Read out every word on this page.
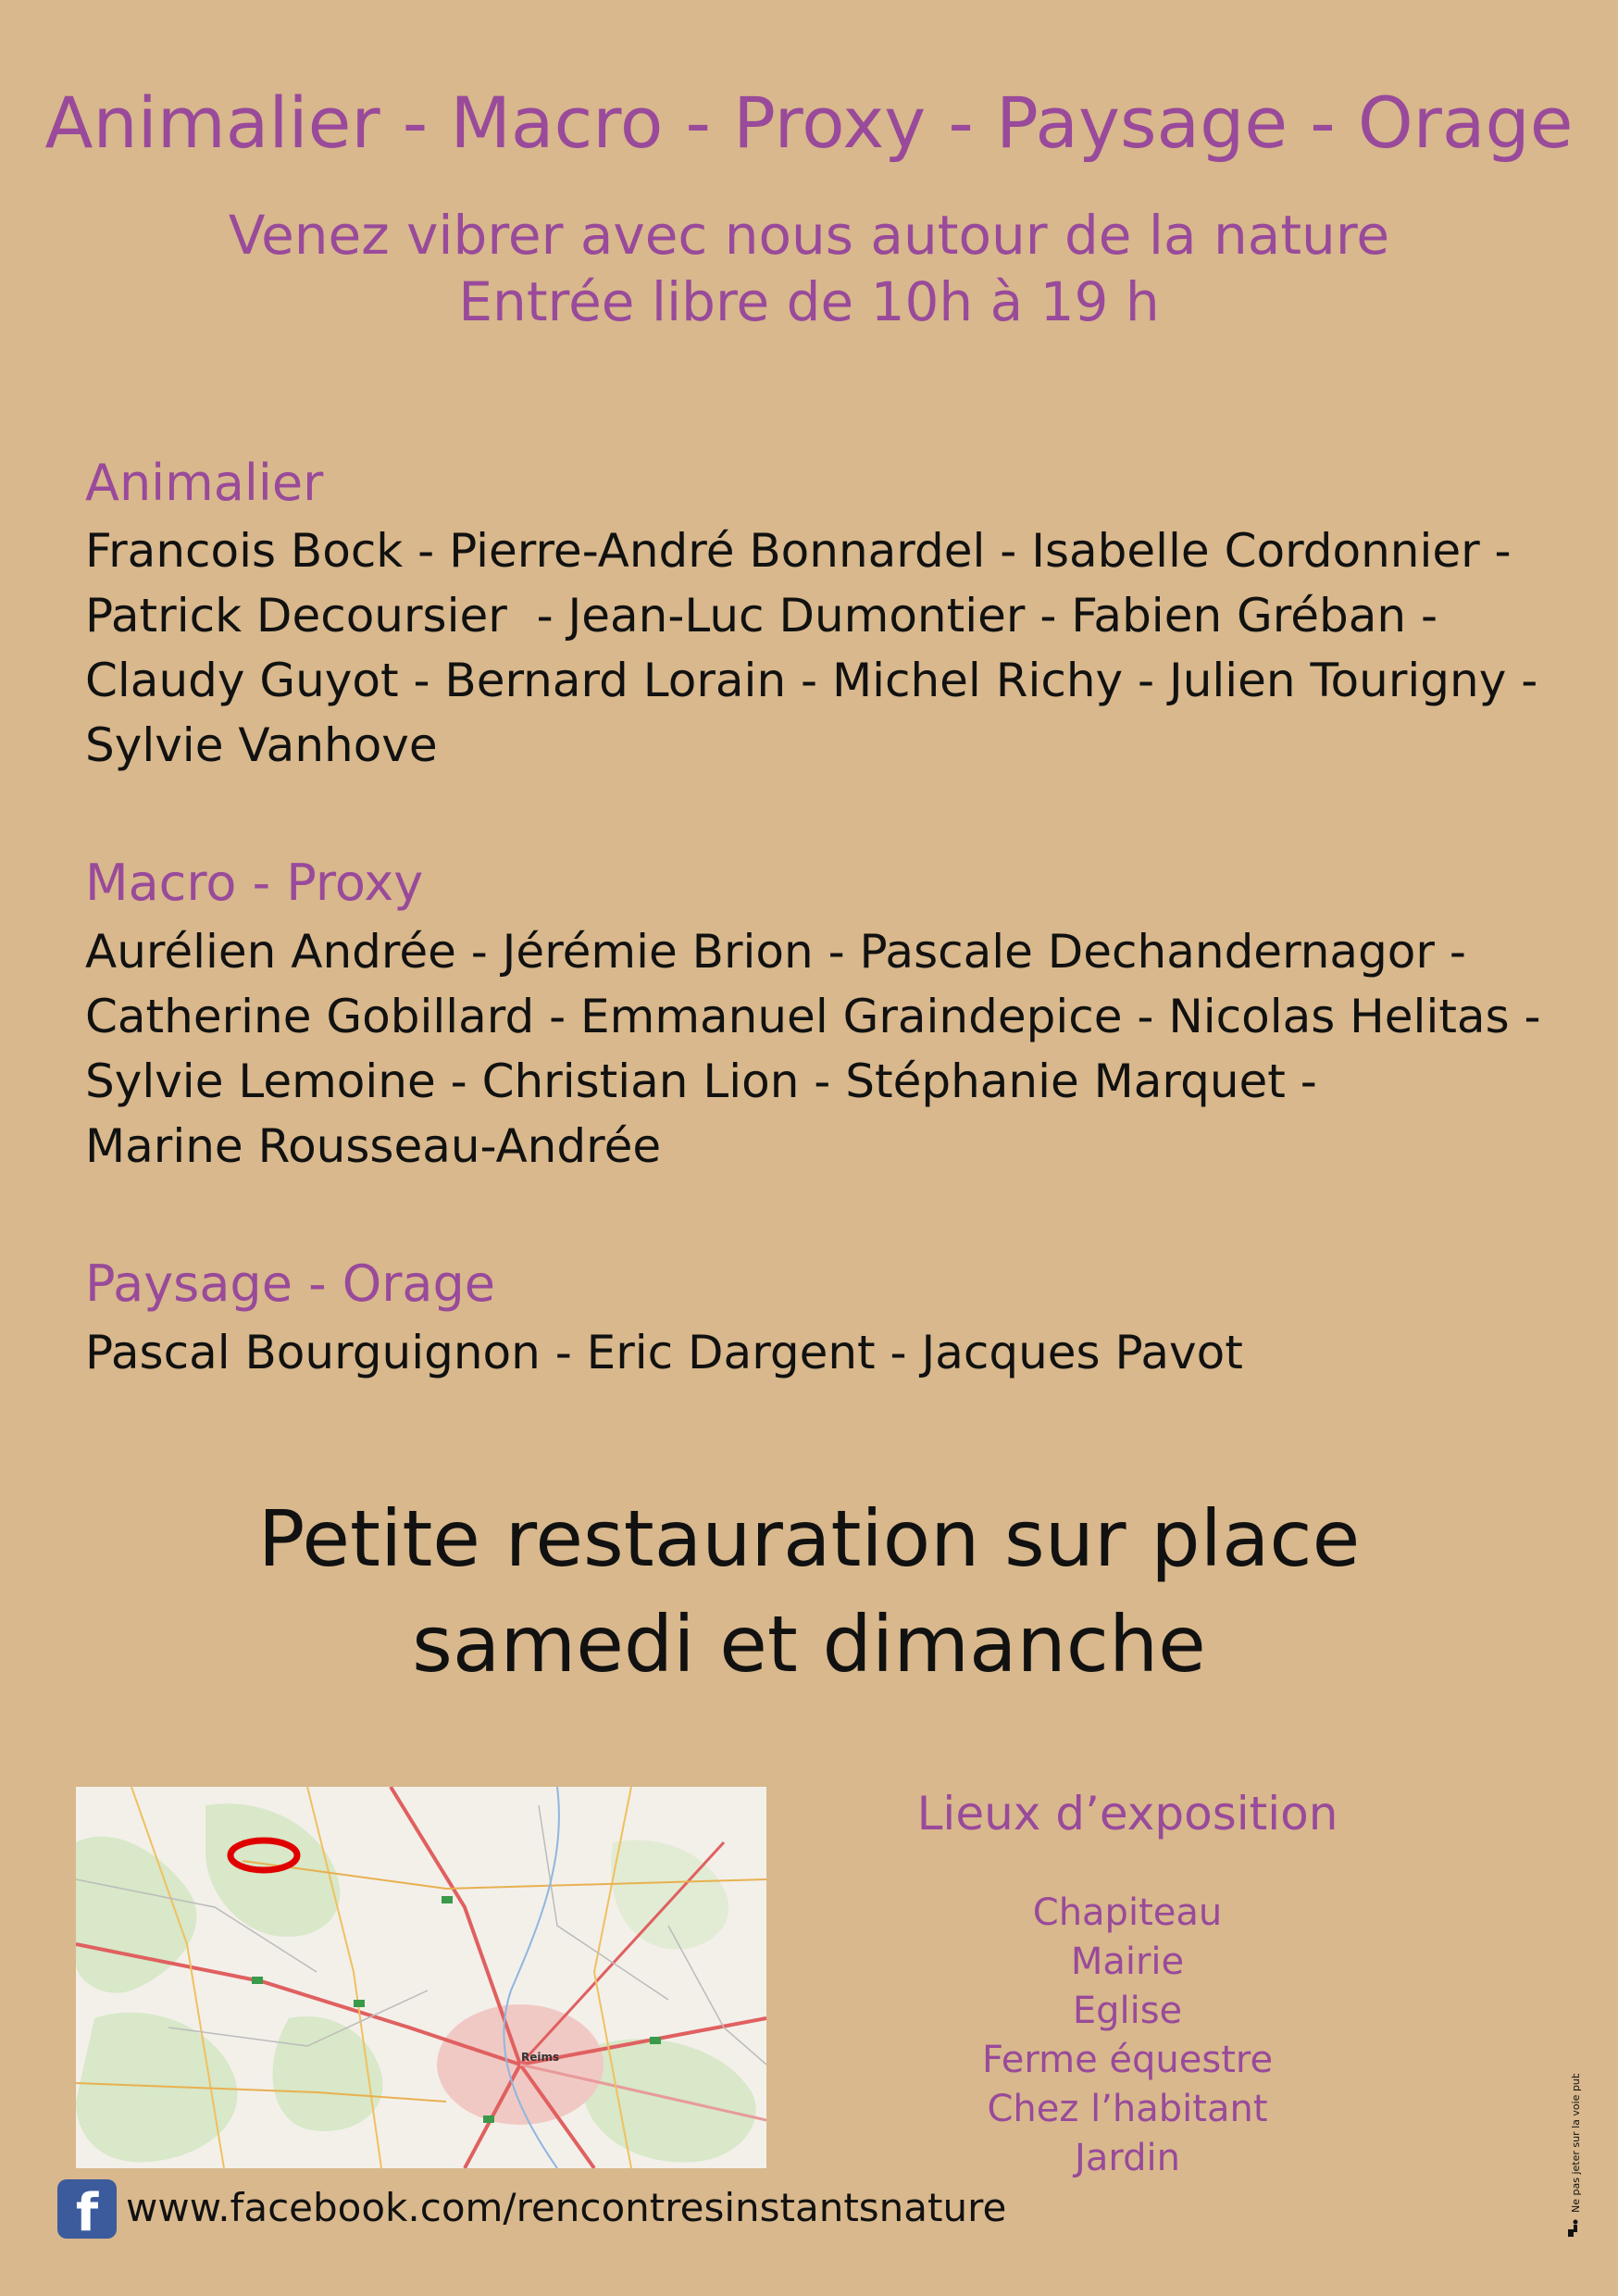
Animalier - Macro - Proxy - Paysage - Orage
Venez vibrer avec nous autour de la nature
Entrée libre de 10h à 19 h
Animalier
Francois Bock - Pierre-André Bonnardel - Isabelle Cordonnier -
Patrick Decoursier  - Jean-Luc Dumontier - Fabien Gréban -
Claudy Guyot - Bernard Lorain - Michel Richy - Julien Tourigny -
Sylvie Vanhove
Macro - Proxy
Aurélien Andrée - Jérémie Brion - Pascale Dechandernagor -
Catherine Gobillard - Emmanuel Graindepice - Nicolas Helitas -
Sylvie Lemoine - Christian Lion - Stéphanie Marquet -
Marine Rousseau-Andrée
Paysage - Orage
Pascal Bourguignon - Eric Dargent - Jacques Pavot
Petite restauration sur place
samedi et dimanche
Reims
Lieux d’exposition
Chapiteau
Mairie
Eglise
Ferme équestre
Chez l’habitant
Jardin
f www.facebook.com/rencontresinstantsnature	Ne pas jeter sur la voie publique
